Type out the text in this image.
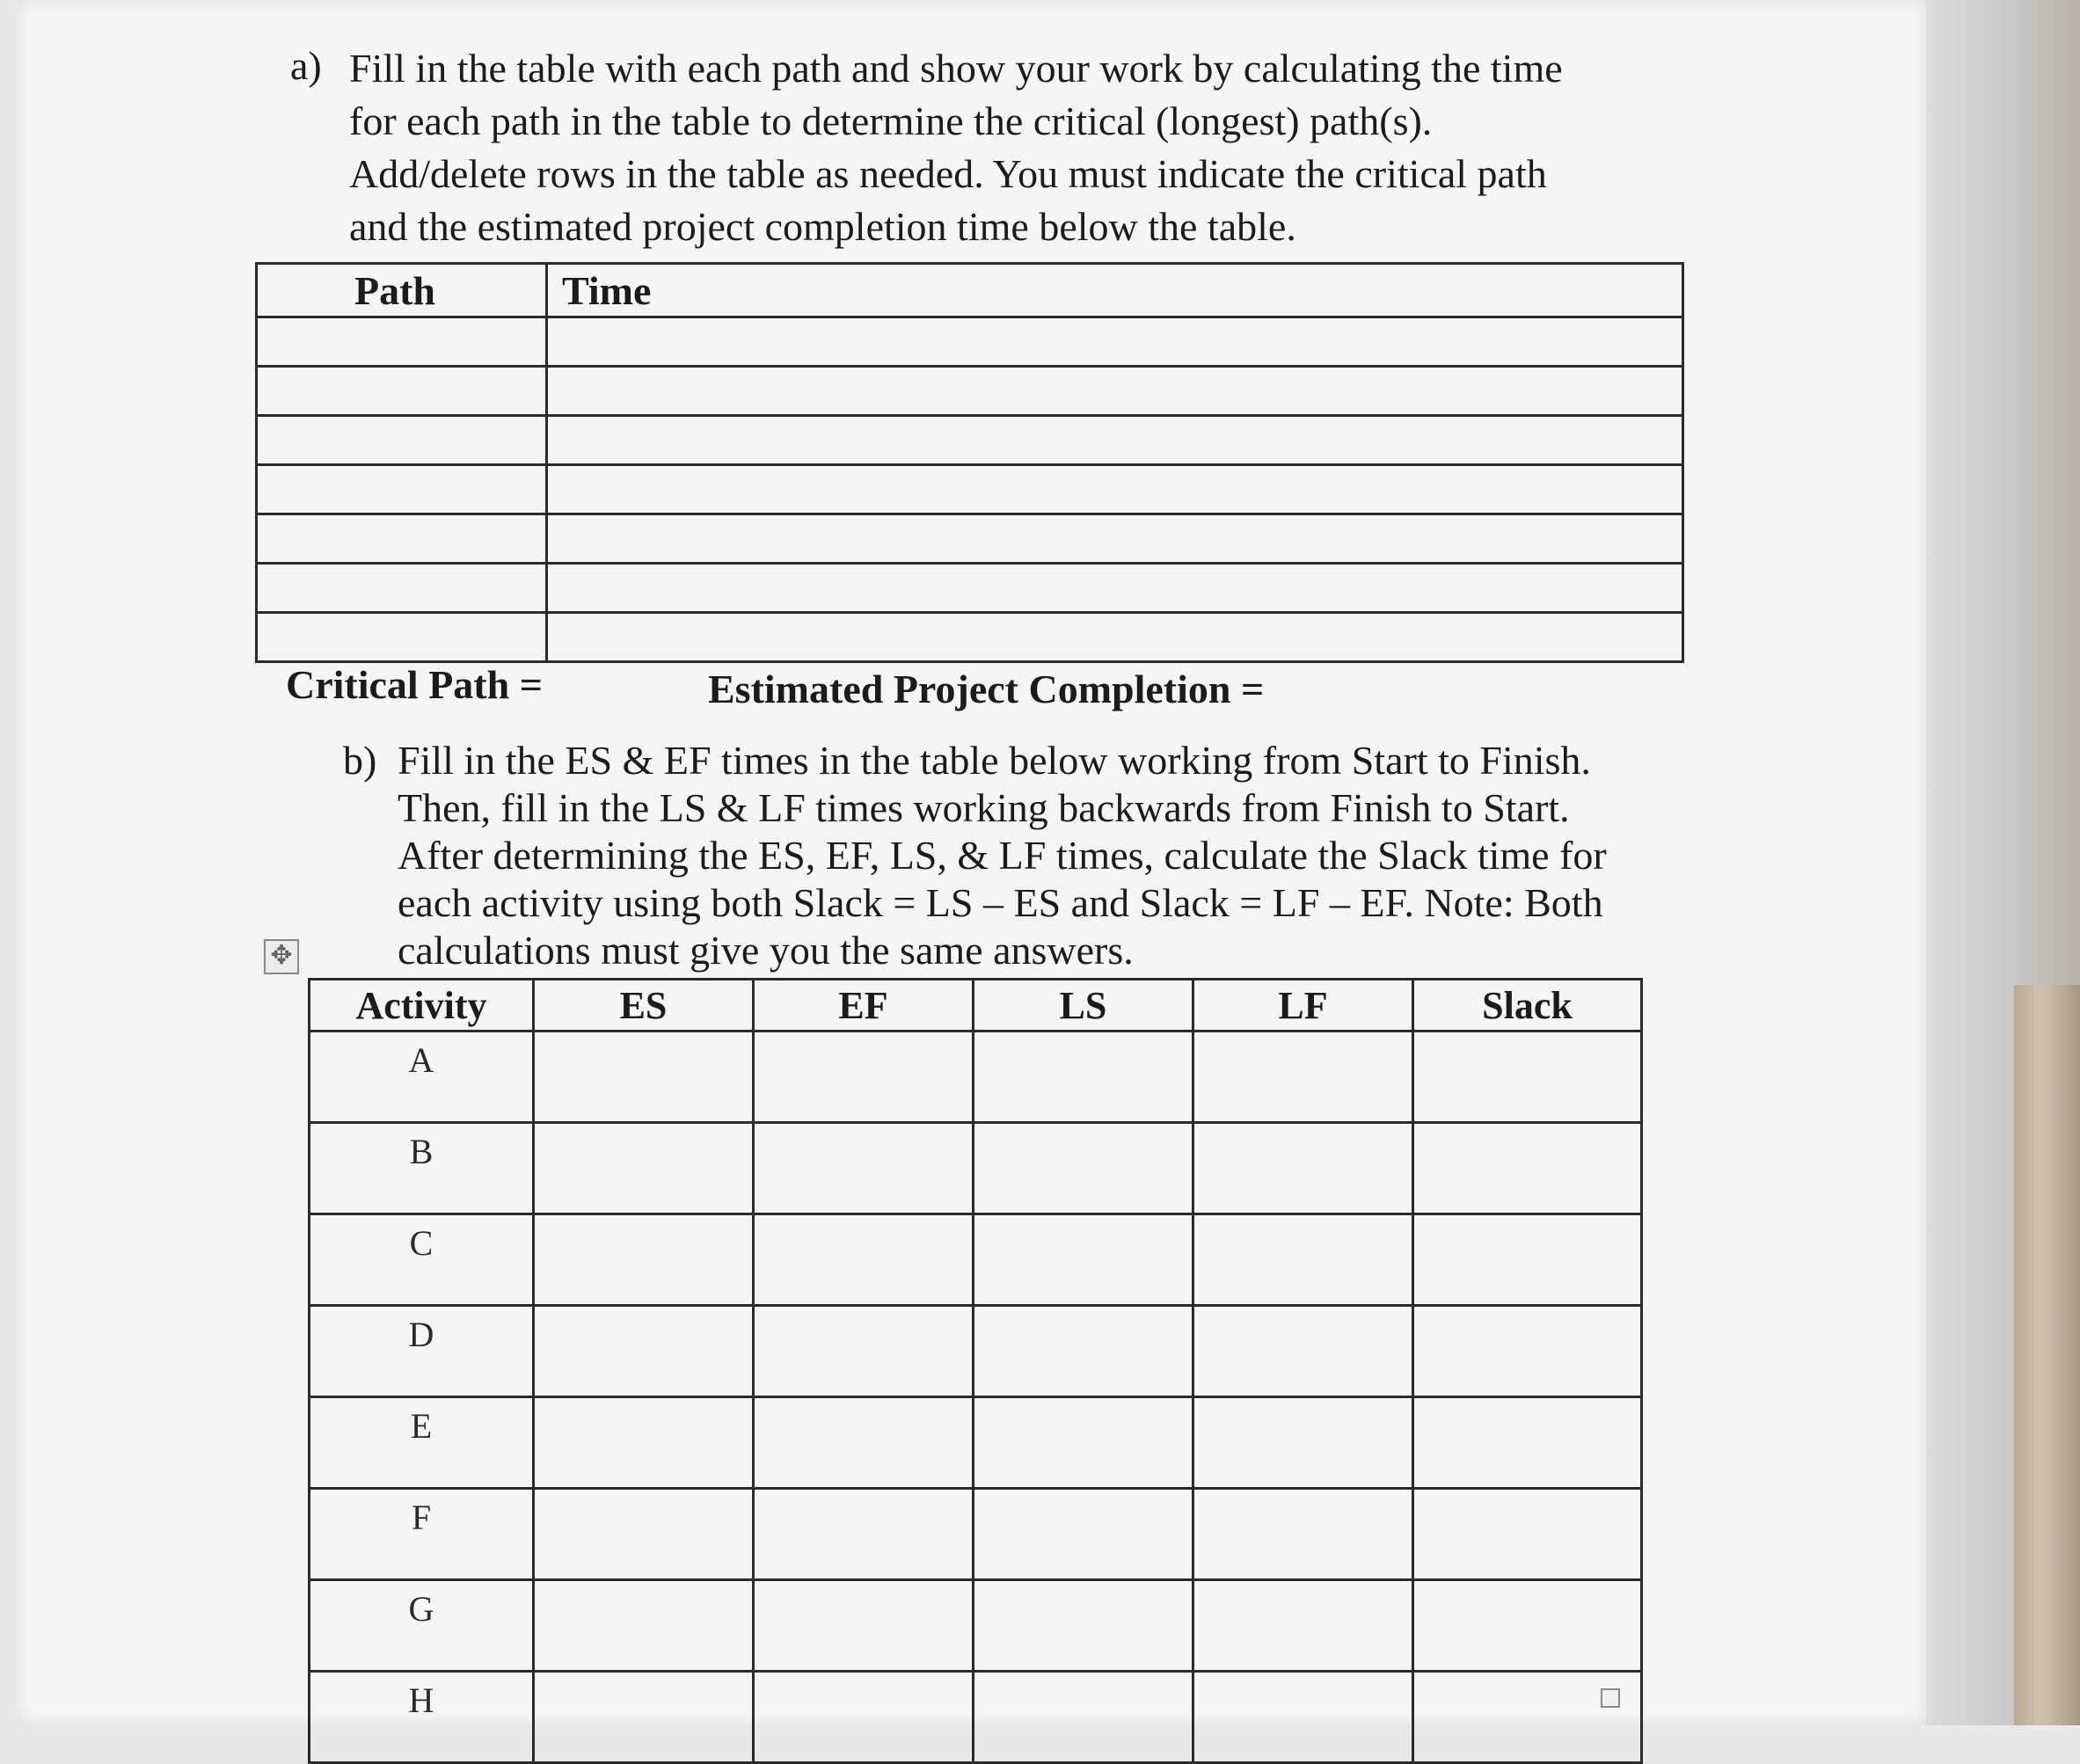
a) Fill in the table with each path and show your work by calculating the time
for each path in the table to determine the critical (longest) path(s).
Add/delete rows in the table as needed. You must indicate the critical path
and the estimated project completion time below the table.
Path	Time

Critical Path =	Estimated Project Completion =
b) Fill in the ES & EF times in the table below working from Start to Finish.
Then, fill in the LS & LF times working backwards from Finish to Start.
After determining the ES, EF, LS, & LF times, calculate the Slack time for
each activity using both Slack = LS – ES and Slack = LF – EF. Note: Both
calculations must give you the same answers.
✥
Activity	ES	EF	LS	LF	Slack
A					
B					
C					
D					
E					
F					
G					
H					
